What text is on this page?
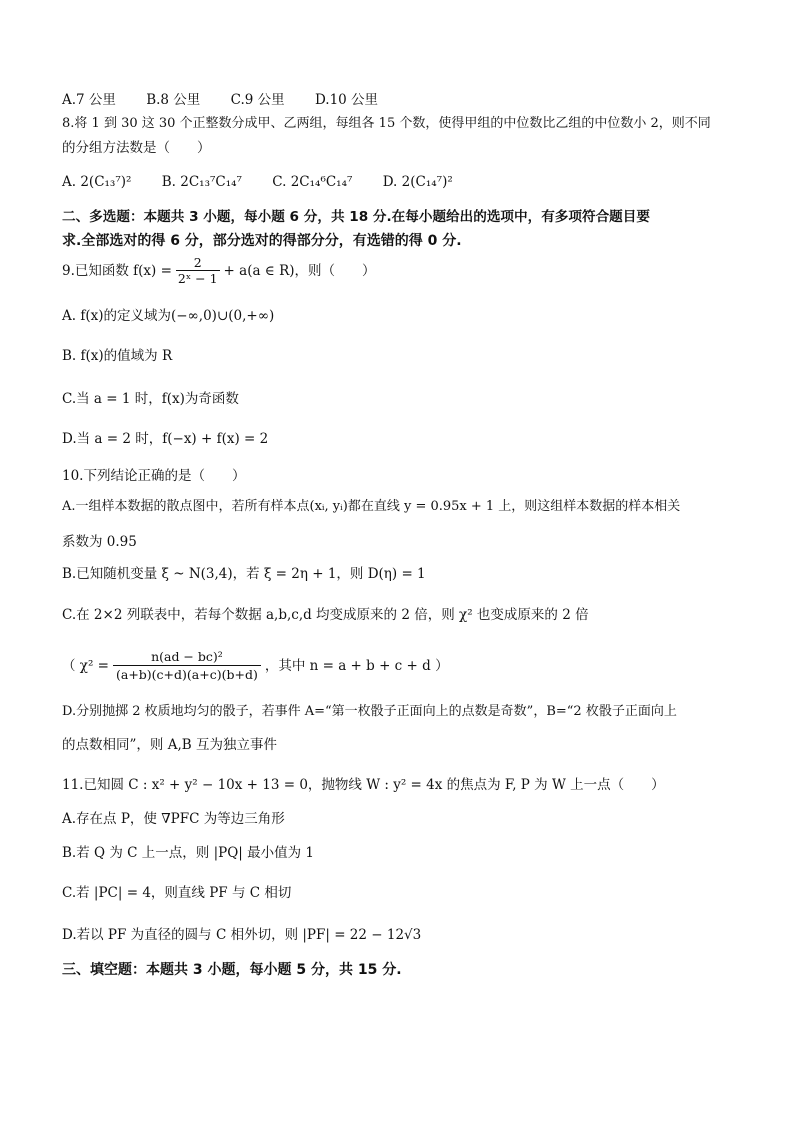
A.7 公里 B.8 公里 C.9 公里 D.10 公里
8.将 1 到 30 这 30 个正整数分成甲、乙两组，每组各 15 个数，使得甲组的中位数比乙组的中位数小 2，则不同
的分组方法数是（　　）
A. 2(C₁₃⁷)² B. 2C₁₃⁷C₁₄⁷ C. 2C₁₄⁶C₁₄⁷ D. 2(C₁₄⁷)²
二、多选题：本题共 3 小题，每小题 6 分，共 18 分.在每小题给出的选项中，有多项符合题目要
求.全部选对的得 6 分，部分选对的得部分分，有选错的得 0 分.
9.已知函数 $f(x) = \frac{2}{\text{2ˣ − 1}} + a(a$ ∈ R)，则（　　）
A. f(x)的定义域为(−∞,0)∪(0,+∞)
B. f(x)的值域为 R
C.当 a = 1 时，f(x)为奇函数
D.当 a = 2 时，f(−x) + f(x) = 2
10.下列结论正确的是（　　）
A.一组样本数据的散点图中，若所有样本点(xᵢ, yᵢ)都在直线 y = 0.95x + 1 上，则这组样本数据的样本相关
系数为 0.95
B.已知随机变量 ξ ~ N(3,4)，若 ξ = 2η + 1，则 D(η) = 1
C.在 2×2 列联表中，若每个数据 a,b,c,d 均变成原来的 2 倍，则 χ² 也变成原来的 2 倍
（ $\chi^2 = \frac{\text{n(ad − bc)²}}{(a+b)(c+d)(a+c)(b+d)}$ ，其中 n = a + b + c + d ）
D.分别抛掷 2 枚质地均匀的骰子，若事件 A=“第一枚骰子正面向上的点数是奇数”，B=“2 枚骰子正面向上
的点数相同”，则 A,B 互为独立事件
11.已知圆 C : x² + y² − 10x + 13 = 0，抛物线 W : y² = 4x 的焦点为 F, P 为 W 上一点（　　）
A.存在点 P，使 ∇PFC 为等边三角形
B.若 Q 为 C 上一点，则 |PQ| 最小值为 1
C.若 |PC| = 4，则直线 PF 与 C 相切
D.若以 PF 为直径的圆与 C 相外切，则 |PF| = 22 − 12√3
三、填空题：本题共 3 小题，每小题 5 分，共 15 分.
